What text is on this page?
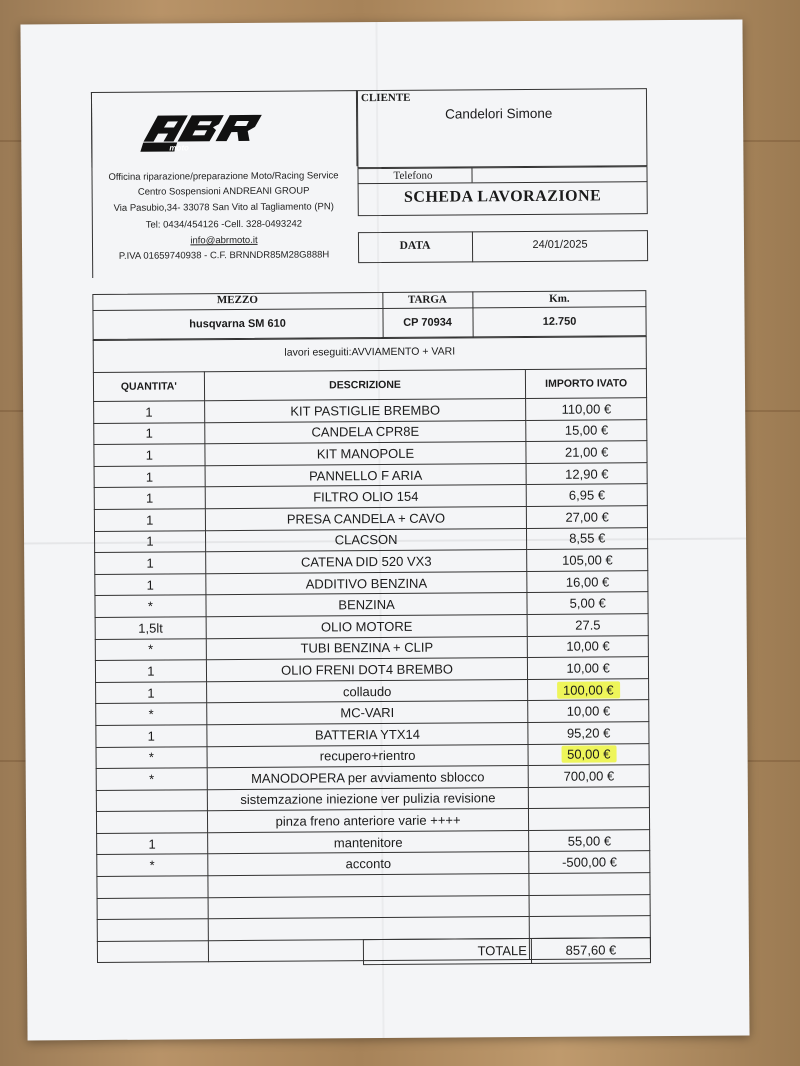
moto
Officina riparazione/preparazione Moto/Racing Service
Centro Sospensioni ANDREANI GROUP
Via Pasubio,34- 33078 San Vito al Tagliamento (PN)
Tel: 0434/454126 -Cell. 328-0493242
info@abrmoto.it
P.IVA 01659740938 - C.F. BRNNDR85M28G888H
CLIENTE
Candelori Simone
Telefono
SCHEDA LAVORAZIONE
DATA	24/01/2025
MEZZO	TARGA	Km.
husqvarna SM 610	CP 70934	12.750
lavori eseguiti:AVVIAMENTO + VARI
QUANTITA'	DESCRIZIONE	IMPORTO IVATO
1	KIT PASTIGLIE BREMBO	110,00 €
1	CANDELA CPR8E	15,00 €
1	KIT MANOPOLE	21,00 €
1	PANNELLO F ARIA	12,90 €
1	FILTRO OLIO 154	6,95 €
1	PRESA CANDELA + CAVO	27,00 €
1	CLACSON	8,55 €
1	CATENA DID 520 VX3	105,00 €
1	ADDITIVO BENZINA	16,00 €
*	BENZINA	5,00 €
1,5lt	OLIO MOTORE	27.5
*	TUBI BENZINA + CLIP	10,00 €
1	OLIO FRENI DOT4 BREMBO	10,00 €
1	collaudo	100,00 €
*	MC-VARI	10,00 €
1	BATTERIA YTX14	95,20 €
*	recupero+rientro	50,00 €
*	MANODOPERA per avviamento sblocco	700,00 €
	sistemzazione iniezione ver pulizia revisione	
	pinza freno anteriore varie ++++	
1	mantenitore	55,00 €
*	acconto	-500,00 €

TOTALE	857,60 €
